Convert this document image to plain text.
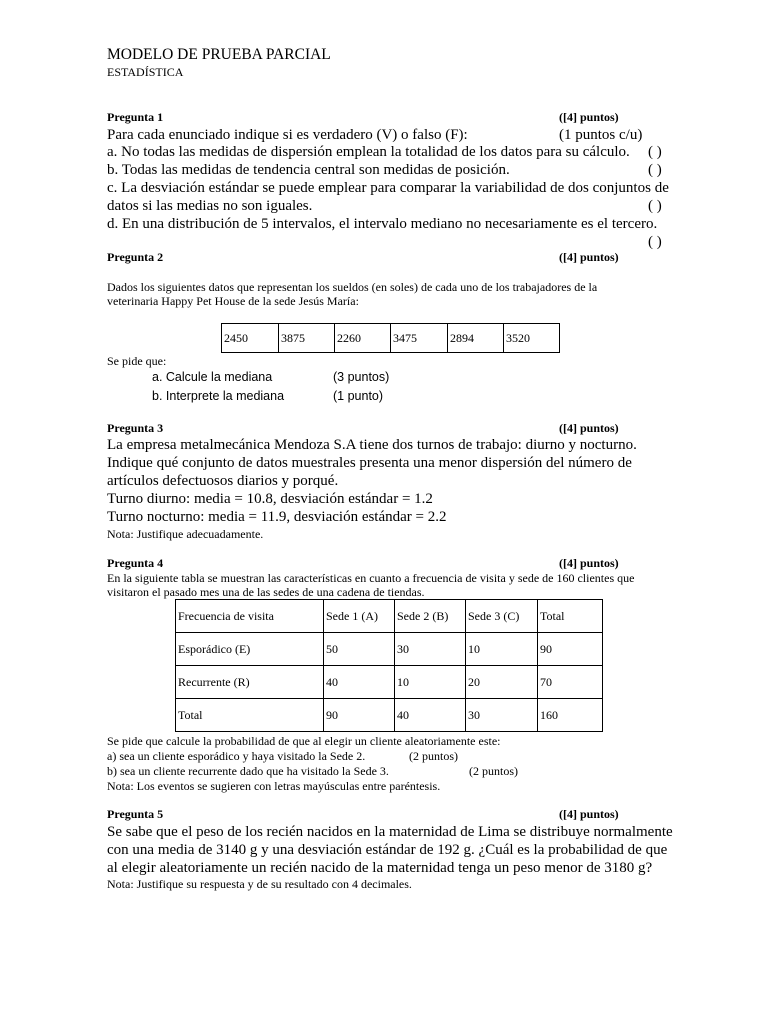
MODELO DE PRUEBA PARCIAL
ESTADÍSTICA
Pregunta 1	([4] puntos)
Para cada enunciado indique si es verdadero (V) o falso (F):	(1 puntos c/u)
a. No todas las medidas de dispersión emplean la totalidad de los datos para su cálculo. ( )
b. Todas las medidas de tendencia central son medidas de posición.	( )
c. La desviación estándar se puede emplear para comparar la variabilidad de dos conjuntos de
datos si las medias no son iguales.	( )
d. En una distribución de 5 intervalos, el intervalo mediano no necesariamente es el tercero.
( )
Pregunta 2	([4] puntos)
Dados los siguientes datos que representan los sueldos (en soles) de cada uno de los trabajadores de la veterinaria Happy Pet House de la sede Jesús María:
2450	3875	2260	3475	2894	3520
Se pide que:
a. Calcule la mediana	(3 puntos)
b. Interprete la mediana	(1 punto)
Pregunta 3	([4] puntos)
La empresa metalmecánica Mendoza S.A tiene dos turnos de trabajo: diurno y nocturno. Indique qué conjunto de datos muestrales presenta una menor dispersión del número de artículos defectuosos diarios y porqué.
Turno diurno: media = 10.8, desviación estándar = 1.2
Turno nocturno: media = 11.9, desviación estándar = 2.2
Nota: Justifique adecuadamente.
Pregunta 4	([4] puntos)
En la siguiente tabla se muestran las características en cuanto a frecuencia de visita y sede de 160 clientes que visitaron el pasado mes una de las sedes de una cadena de tiendas.
Frecuencia de visita	Sede 1 (A)	Sede 2 (B)	Sede 3 (C)	Total
Esporádico (E)	50	30	10	90
Recurrente (R)	40	10	20	70
Total	90	40	30	160
Se pide que calcule la probabilidad de que al elegir un cliente aleatoriamente este:
a) sea un cliente esporádico y haya visitado la Sede 2.	(2 puntos)
b) sea un cliente recurrente dado que ha visitado la Sede 3.	(2 puntos)
Nota: Los eventos se sugieren con letras mayúsculas entre paréntesis.
Pregunta 5	([4] puntos)
Se sabe que el peso de los recién nacidos en la maternidad de Lima se distribuye normalmente con una media de 3140 g y una desviación estándar de 192 g. ¿Cuál es la probabilidad de que al elegir aleatoriamente un recién nacido de la maternidad tenga un peso menor de 3180 g?
Nota: Justifique su respuesta y de su resultado con 4 decimales.
